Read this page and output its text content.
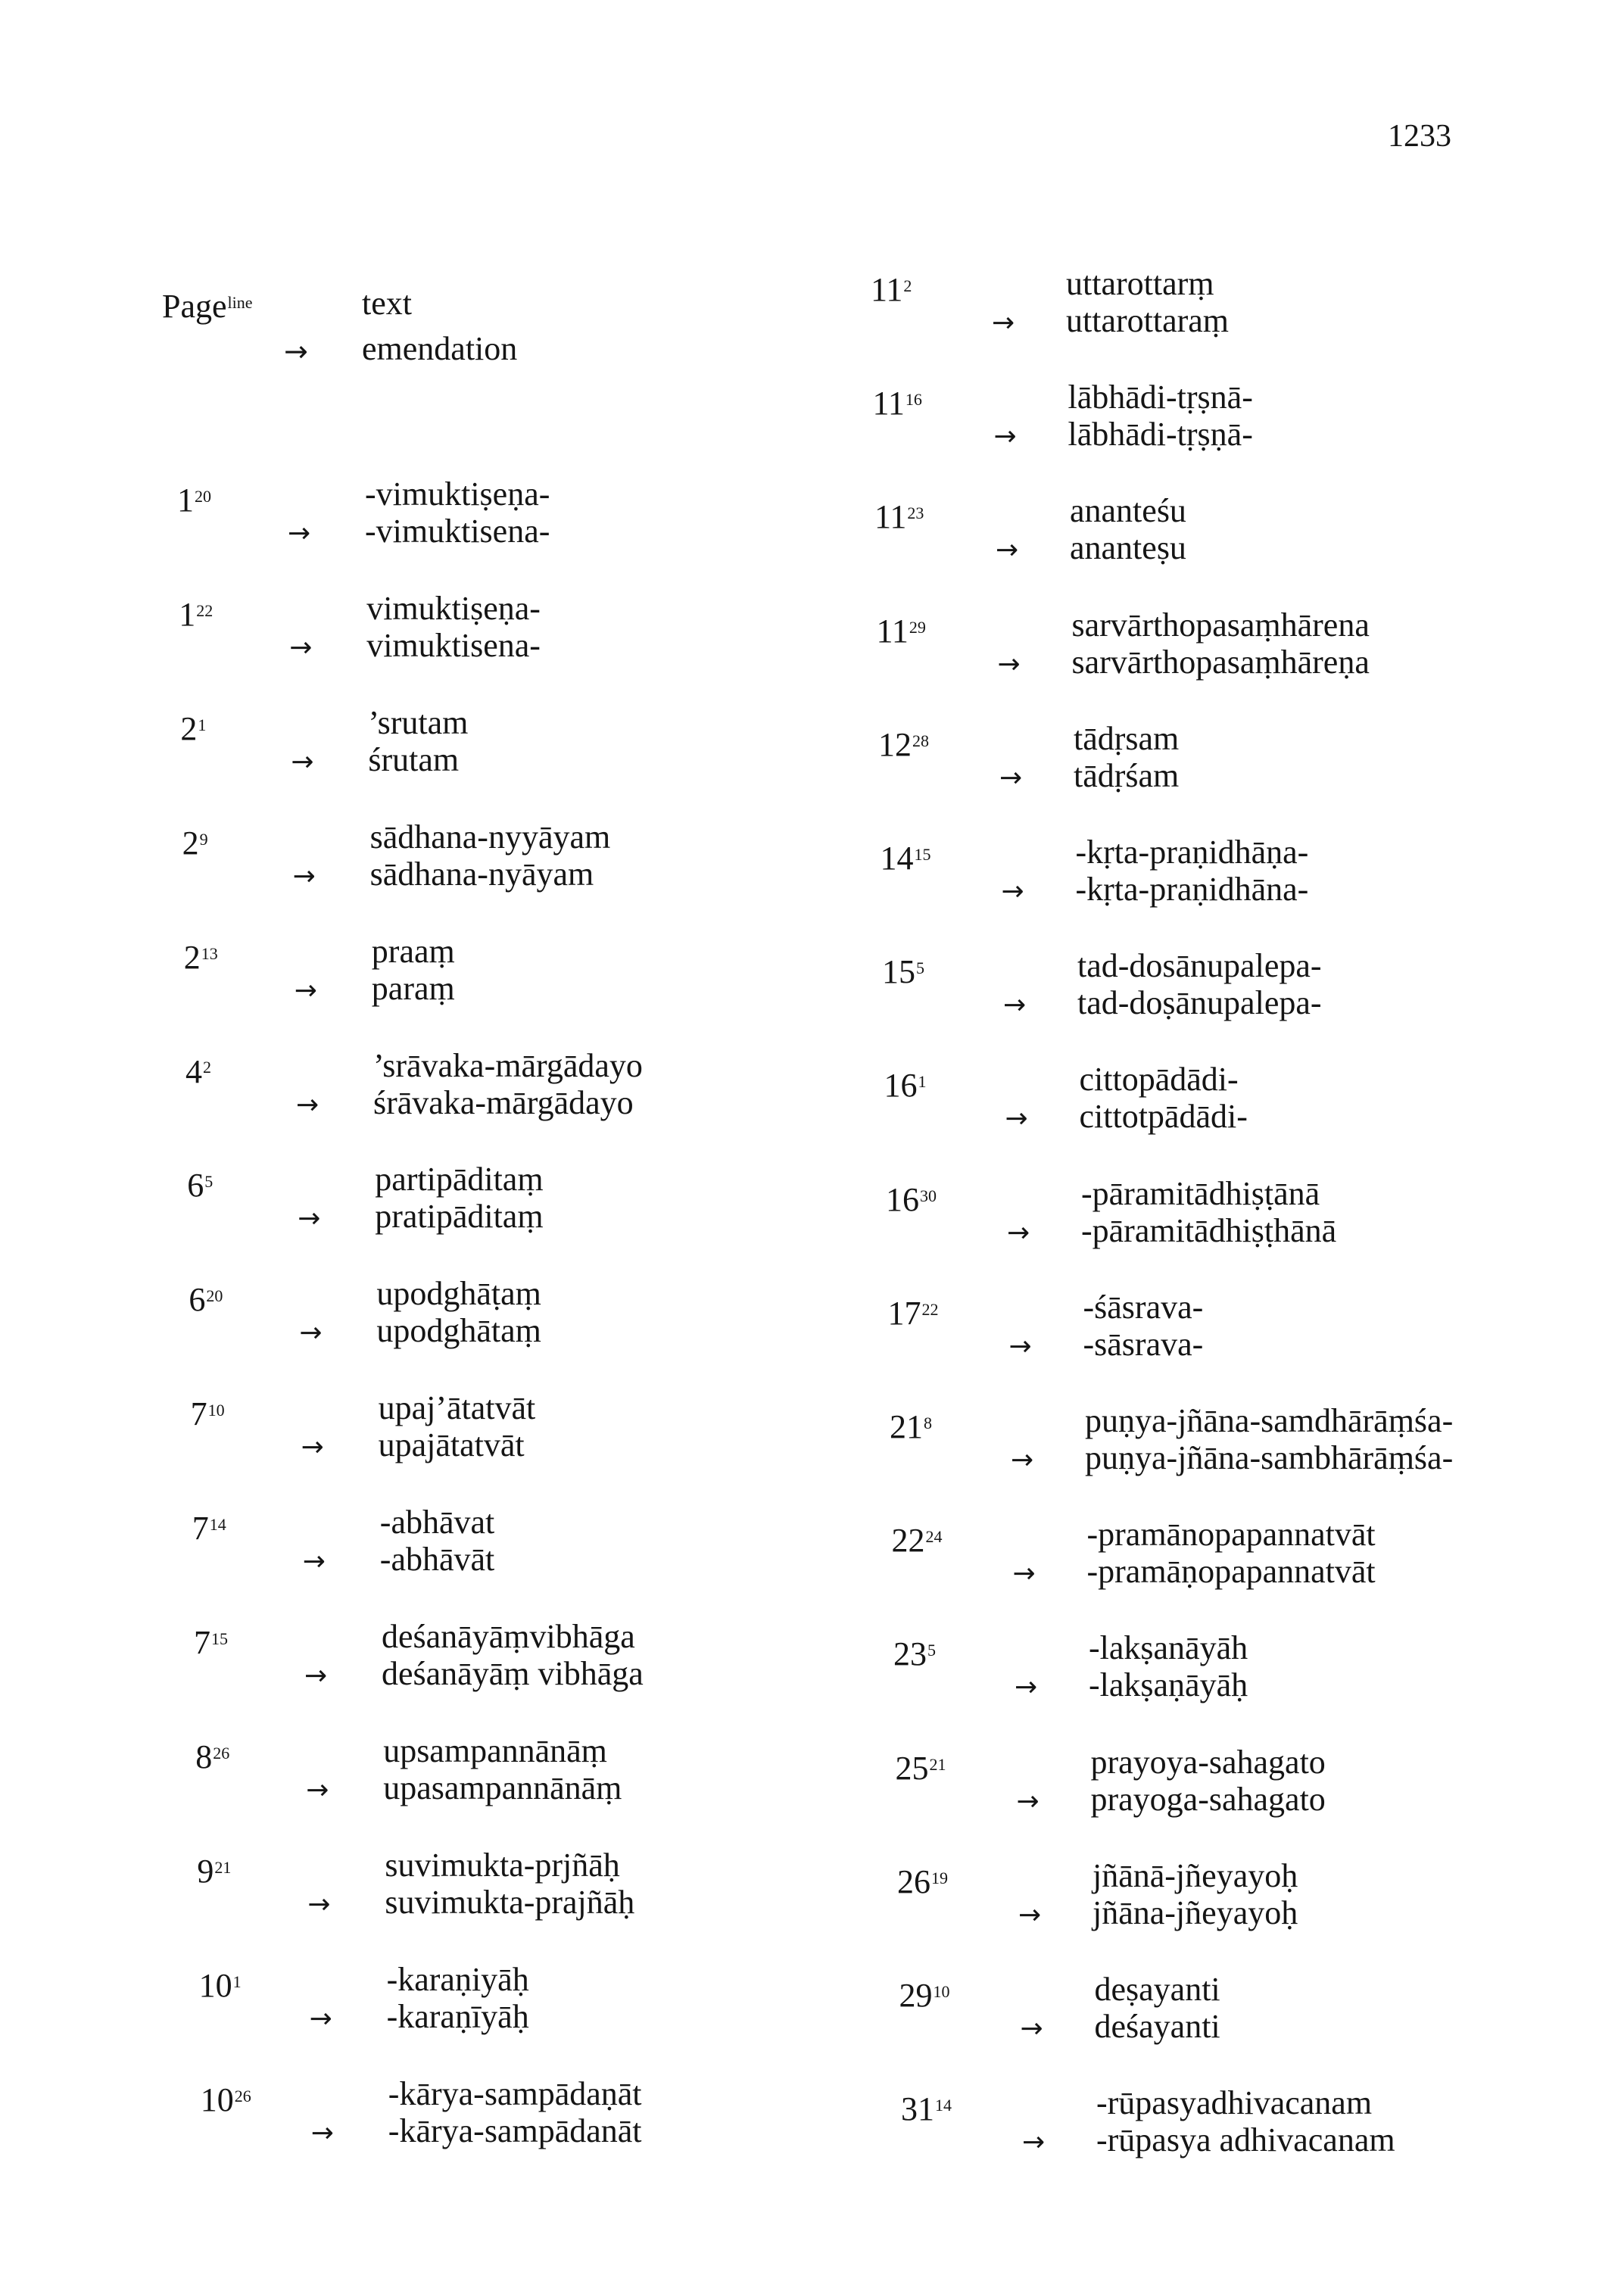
1233
Page$^{line}$	text
→ emendation
$1^{20}$	-vimuktiṣeṇa-
→ -vimuktisena-
$1^{22}$	vimuktiṣeṇa-
→ vimuktisena-
$2^1$	’srutam
→ śrutam
$2^9$	sādhana-nyyāyam
→ sādhana-nyāyam
$2^{13}$	praaṃ
→ paraṃ
$4^2$	’srāvaka-mārgādayo
→ śrāvaka-mārgādayo
$6^5$	partipāditaṃ
→ pratipāditaṃ
$6^{20}$	upodghāṭaṃ
→ upodghātaṃ
$7^{10}$	upaj’ātatvāt
→ upajātatvāt
$7^{14}$	-abhāvat
→ -abhāvāt
$7^{15}$	deśanāyāṃvibhāga
→ deśanāyāṃ vibhāga
$8^{26}$	upsampannānāṃ
→ upasampannānāṃ
$9^{21}$	suvimukta-prjñāḥ
→ suvimukta-prajñāḥ
$10^1$	-karaṇiyāḥ
→ -karaṇīyāḥ
$10^{26}$	-kārya-sampādaṇāt
→ -kārya-sampādanāt
$11^2$	uttarottarṃ
→ uttarottaraṃ
$11^{16}$	lābhādi-tṛṣnā-
→ lābhādi-tṛṣṇā-
$11^{23}$	ananteśu
→ ananteṣu
$11^{29}$	sarvārthopasaṃhārena
→ sarvārthopasaṃhāreṇa
$12^{28}$	tādṛsam
→ tādṛśam
$14^{15}$	-kṛta-praṇidhāṇa-
→ -kṛta-praṇidhāna-
$15^5$	tad-dosānupalepa-
→ tad-doṣānupalepa-
$16^1$	cittopādādi-
→ cittotpādādi-
$16^{30}$	-pāramitādhiṣṭānā
→ -pāramitādhiṣṭhānā
$17^{22}$	-śāsrava-
→ -sāsrava-
$21^8$	puṇya-jñāna-samdhārāṃśa-
→ puṇya-jñāna-sambhārāṃśa-
$22^{24}$	-pramānopapannatvāt
→ -pramāṇopapannatvāt
$23^5$	-lakṣanāyāh
→ -lakṣaṇāyāḥ
$25^{21}$	prayoya-sahagato
→ prayoga-sahagato
$26^{19}$	jñānā-jñeyayoḥ
→ jñāna-jñeyayoḥ
$29^{10}$	deṣayanti
→ deśayanti
$31^{14}$	-rūpasyadhivacanam
→ -rūpasya adhivacanam
